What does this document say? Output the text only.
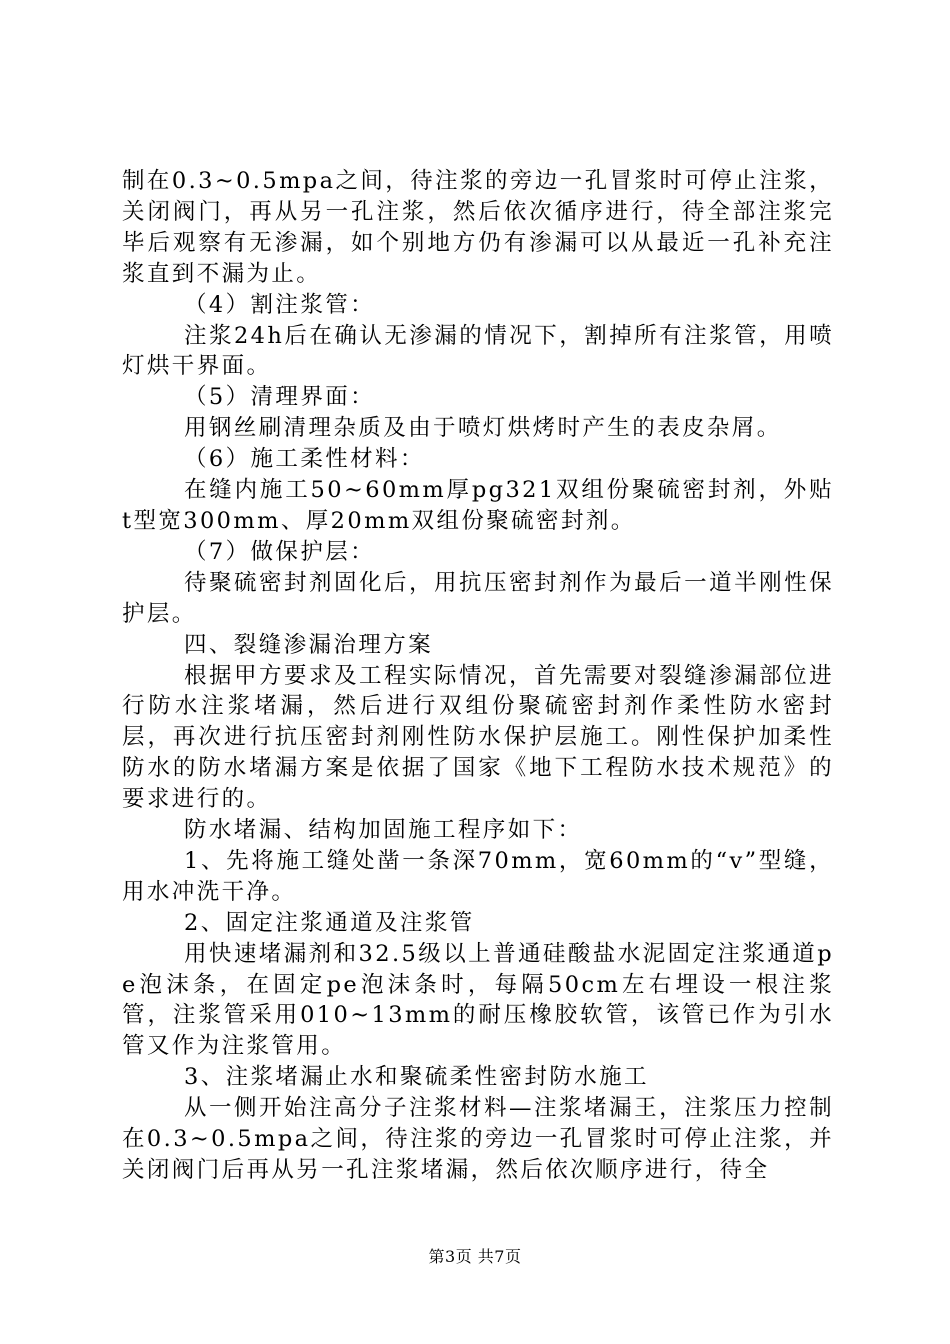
制在0.3~0.5mpa之间，待注浆的旁边一孔冒浆时可停止注浆，关闭阀门，再从另一孔注浆，然后依次循序进行，待全部注浆完毕后观察有无渗漏，如个别地方仍有渗漏可以从最近一孔补充注浆直到不漏为止。

（4）割注浆管：

注浆24h后在确认无渗漏的情况下，割掉所有注浆管，用喷灯烘干界面。

（5）清理界面：

用钢丝刷清理杂质及由于喷灯烘烤时产生的表皮杂屑。

（6）施工柔性材料：

在缝内施工50~60mm厚pg321双组份聚硫密封剂，外贴t型宽300mm、厚20mm双组份聚硫密封剂。

（7）做保护层：

待聚硫密封剂固化后，用抗压密封剂作为最后一道半刚性保护层。

四、裂缝渗漏治理方案

根据甲方要求及工程实际情况，首先需要对裂缝渗漏部位进行防水注浆堵漏，然后进行双组份聚硫密封剂作柔性防水密封层，再次进行抗压密封剂刚性防水保护层施工。刚性保护加柔性防水的防水堵漏方案是依据了国家《地下工程防水技术规范》的要求进行的。

防水堵漏、结构加固施工程序如下：

1、先将施工缝处凿一条深70mm，宽60mm的“v”型缝，用水冲洗干净。

2、固定注浆通道及注浆管

用快速堵漏剂和32.5级以上普通硅酸盐水泥固定注浆通道pe泡沫条，在固定pe泡沫条时，每隔50cm左右埋设一根注浆管，注浆管采用010~13mm的耐压橡胶软管，该管已作为引水管又作为注浆管用。

3、注浆堵漏止水和聚硫柔性密封防水施工

从一侧开始注高分子注浆材料—注浆堵漏王，注浆压力控制在0.3~0.5mpa之间，待注浆的旁边一孔冒浆时可停止注浆，并关闭阀门后再从另一孔注浆堵漏，然后依次顺序进行，待全

第3页 共7页
